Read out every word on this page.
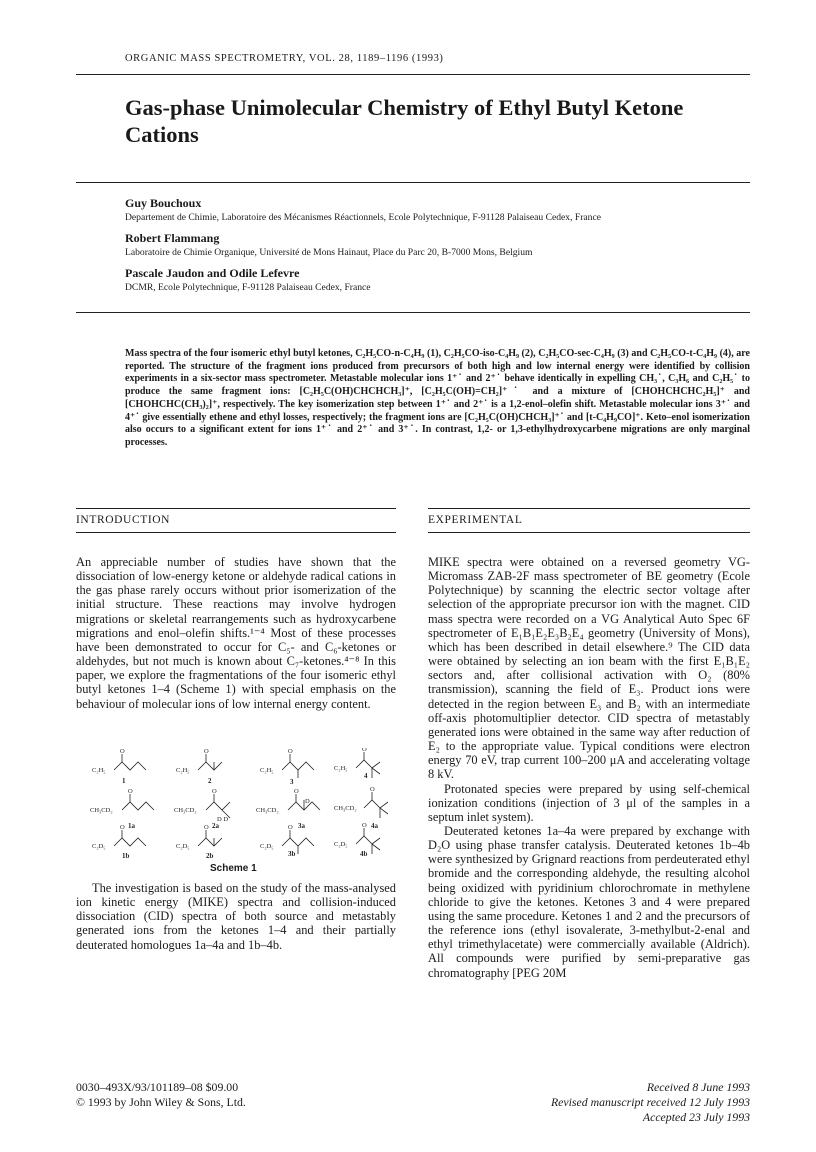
ORGANIC MASS SPECTROMETRY, VOL. 28, 1189–1196 (1993)
Gas-phase Unimolecular Chemistry of Ethyl Butyl Ketone Cations
Guy Bouchoux
Departement de Chimie, Laboratoire des Mécanismes Réactionnels, Ecole Polytechnique, F-91128 Palaiseau Cedex, France
Robert Flammang
Laboratoire de Chimie Organique, Université de Mons Hainaut, Place du Parc 20, B-7000 Mons, Belgium
Pascale Jaudon and Odile Lefevre
DCMR, Ecole Polytechnique, F-91128 Palaiseau Cedex, France
Mass spectra of the four isomeric ethyl butyl ketones, C₂H₅CO-n-C₄H₉ (1), C₂H₅CO-iso-C₄H₉ (2), C₂H₅CO-sec-C₄H₉ (3) and C₂H₅CO-t-C₄H₉ (4), are reported. The structure of the fragment ions produced from precursors of both high and low internal energy were identified by collision experiments in a six-sector mass spectrometer. Metastable molecular ions 1⁺˙ and 2⁺˙ behave identically in expelling CH₃˙, C₃H₆ and C₂H₅˙ to produce the same fragment ions: [C₂H₅C(OH)CHCHCH₃]⁺, [C₂H₅C(OH)=CH₂]⁺˙ and a mixture of [CHOHCHCHC₂H₅]⁺ and [CHOHCHC(CH₃)₂]⁺, respectively. The key isomerization step between 1⁺˙ and 2⁺˙ is a 1,2-enol–olefin shift. Metastable molecular ions 3⁺˙ and 4⁺˙ give essentially ethene and ethyl losses, respectively; the fragment ions are [C₂H₅C(OH)CHCH₃]⁺˙ and [t-C₄H₉CO]⁺. Keto–enol isomerization also occurs to a significant extent for ions 1⁺˙ and 2⁺˙ and 3⁺˙. In contrast, 1,2- or 1,3-ethylhydroxycarbene migrations are only marginal processes.
INTRODUCTION	EXPERIMENTAL

An appreciable number of studies have shown that the dissociation of low-energy ketone or aldehyde radical cations in the gas phase rarely occurs without prior isomerization of the initial structure. These reactions may involve hydrogen migrations or skeletal rearrangements such as hydroxycarbene migrations and enol–olefin shifts.¹⁻⁴ Most of these processes have been demonstrated to occur for C₅- and C₆-ketones or aldehydes, but not much is known about C₇-ketones.⁴⁻⁸ In this paper, we explore the fragmentations of the four isomeric ethyl butyl ketones 1–4 (Scheme 1) with special emphasis on the behaviour of molecular ions of low internal energy content.

C₂H₅
O
C₂H₅
O
C₂H₅
O
C₂H₅
O
CH₃CD₂
O
CH₃CD₂
O
D D
CH₃CD₂
O
D
CH₃CD₂
O
C₂D₅
O
C₂D₅
O
C₂D₅
O
C₂D₅
O
1	2	3
4
1a	2a	3a	4a
1b	2b	3b	4b
Scheme 1

The investigation is based on the study of the mass-analysed ion kinetic energy (MIKE) spectra and collision-induced dissociation (CID) spectra of both source and metastably generated ions from the ketones 1–4 and their partially deuterated homologues 1a–4a and 1b–4b.

MIKE spectra were obtained on a reversed geometry VG-Micromass ZAB-2F mass spectrometer of BE geometry (Ecole Polytechnique) by scanning the electric sector voltage after selection of the appropriate precursor ion with the magnet. CID mass spectra were recorded on a VG Analytical Auto Spec 6F spectrometer of E₁B₁E₂E₃B₂E₄ geometry (University of Mons), which has been described in detail elsewhere.⁹ The CID data were obtained by selecting an ion beam with the first E₁B₁E₂ sectors and, after collisional activation with O₂ (80% transmission), scanning the field of E₃. Product ions were detected in the region between E₃ and B₂ with an intermediate off-axis photomultiplier detector. CID spectra of metastably generated ions were obtained in the same way after reduction of E₂ to the appropriate value. Typical conditions were electron energy 70 eV, trap current 100–200 μA and accelerating voltage 8 kV.

Protonated species were prepared by using self-chemical ionization conditions (injection of 3 μl of the samples in a septum inlet system).

Deuterated ketones 1a–4a were prepared by exchange with D₂O using phase transfer catalysis. Deuterated ketones 1b–4b were synthesized by Grignard reactions from perdeuterated ethyl bromide and the corresponding aldehyde, the resulting alcohol being oxidized with pyridinium chlorochromate in methylene chloride to give the ketones. Ketones 3 and 4 were prepared using the same procedure. Ketones 1 and 2 and the precursors of the reference ions (ethyl isovalerate, 3-methylbut-2-enal and ethyl trimethylacetate) were commercially available (Aldrich). All compounds were purified by semi-preparative gas chromatography [PEG 20M

0030–493X/93/101189–08 $09.00
© 1993 by John Wiley & Sons, Ltd.
Received 8 June 1993
Revised manuscript received 12 July 1993
Accepted 23 July 1993
